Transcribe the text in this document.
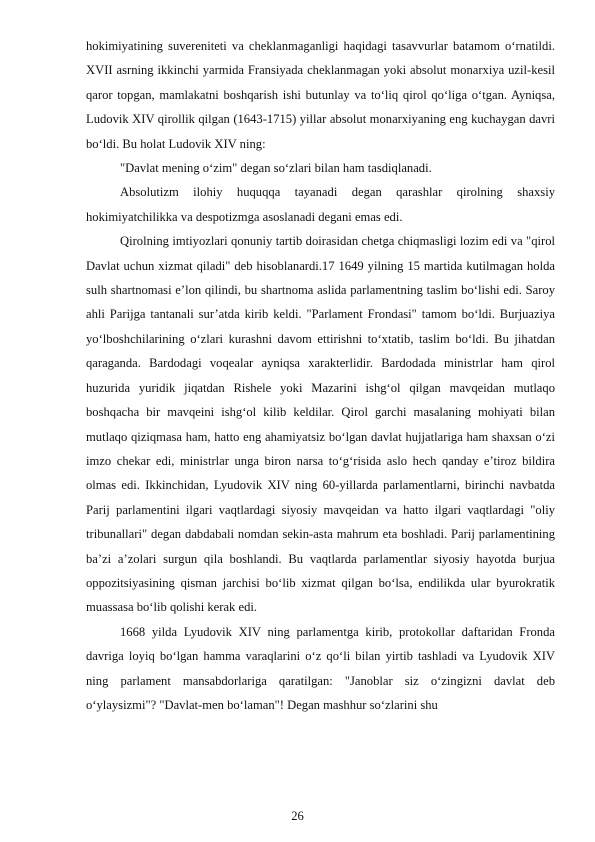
hokimiyatining suvereniteti va cheklanmaganligi haqidagi tasavvurlar batamom o‘rnatildi. XVII asrning ikkinchi yarmida Fransiyada cheklanmagan yoki absolut monarxiya uzil-kesil qaror topgan, mamlakatni boshqarish ishi butunlay va to‘liq qirol qo‘liga o‘tgan. Ayniqsa, Ludovik XIV qirollik qilgan (1643-1715) yillar absolut monarxiyaning eng kuchaygan davri bo‘ldi. Bu holat Ludovik XIV ning:

"Davlat mening o‘zim" degan so‘zlari bilan ham tasdiqlanadi.

Absolutizm ilohiy huquqqa tayanadi degan qarashlar qirolning shaxsiy hokimiyatchilikka va despotizmga asoslanadi degani emas edi.

Qirolning imtiyozlari qonuniy tartib doirasidan chetga chiqmasligi lozim edi va "qirol Davlat uchun xizmat qiladi" deb hisoblanardi.17 1649 yilning 15 martida kutilmagan holda sulh shartnomasi e’lon qilindi, bu shartnoma aslida parlamentning taslim bo‘lishi edi. Saroy ahli Parijga tantanali sur’atda kirib keldi. "Parlament Frondasi" tamom bo‘ldi. Burjuaziya yo‘lboshchilarining o‘zlari kurashni davom ettirishni to‘xtatib, taslim bo‘ldi. Bu jihatdan qaraganda. Bardodagi voqealar ayniqsa xarakterlidir. Bardodada ministrlar ham qirol huzurida yuridik jiqatdan Rishele yoki Mazarini ishg‘ol qilgan mavqeidan mutlaqo boshqacha bir mavqeini ishg‘ol kilib keldilar. Qirol garchi masalaning mohiyati bilan mutlaqo qiziqmasa ham, hatto eng ahamiyatsiz bo‘lgan davlat hujjatlariga ham shaxsan o‘zi imzo chekar edi, ministrlar unga biron narsa to‘g‘risida aslo hech qanday e’tiroz bildira olmas edi. Ikkinchidan, Lyudovik XIV ning 60-yillarda parlamentlarni, birinchi navbatda Parij parlamentini ilgari vaqtlardagi siyosiy mavqeidan va hatto ilgari vaqtlardagi "oliy tribunallari" degan dabdabali nomdan sekin-asta mahrum eta boshladi. Parij parlamentining ba’zi a’zolari surgun qila boshlandi. Bu vaqtlarda parlamentlar siyosiy hayotda burjua oppozitsiyasining qisman jarchisi bo‘lib xizmat qilgan bo‘lsa, endilikda ular byurokratik muassasa bo‘lib qolishi kerak edi.

1668 yilda Lyudovik XIV ning parlamentga kirib, protokollar daftaridan Fronda davriga loyiq bo‘lgan hamma varaqlarini o‘z qo‘li bilan yirtib tashladi va Lyudovik XIV ning parlament mansabdorlariga qaratilgan: "Janoblar siz o‘zingizni davlat deb o‘ylaysizmi"? "Davlat-men bo‘laman"! Degan mashhur so‘zlarini shu

26
